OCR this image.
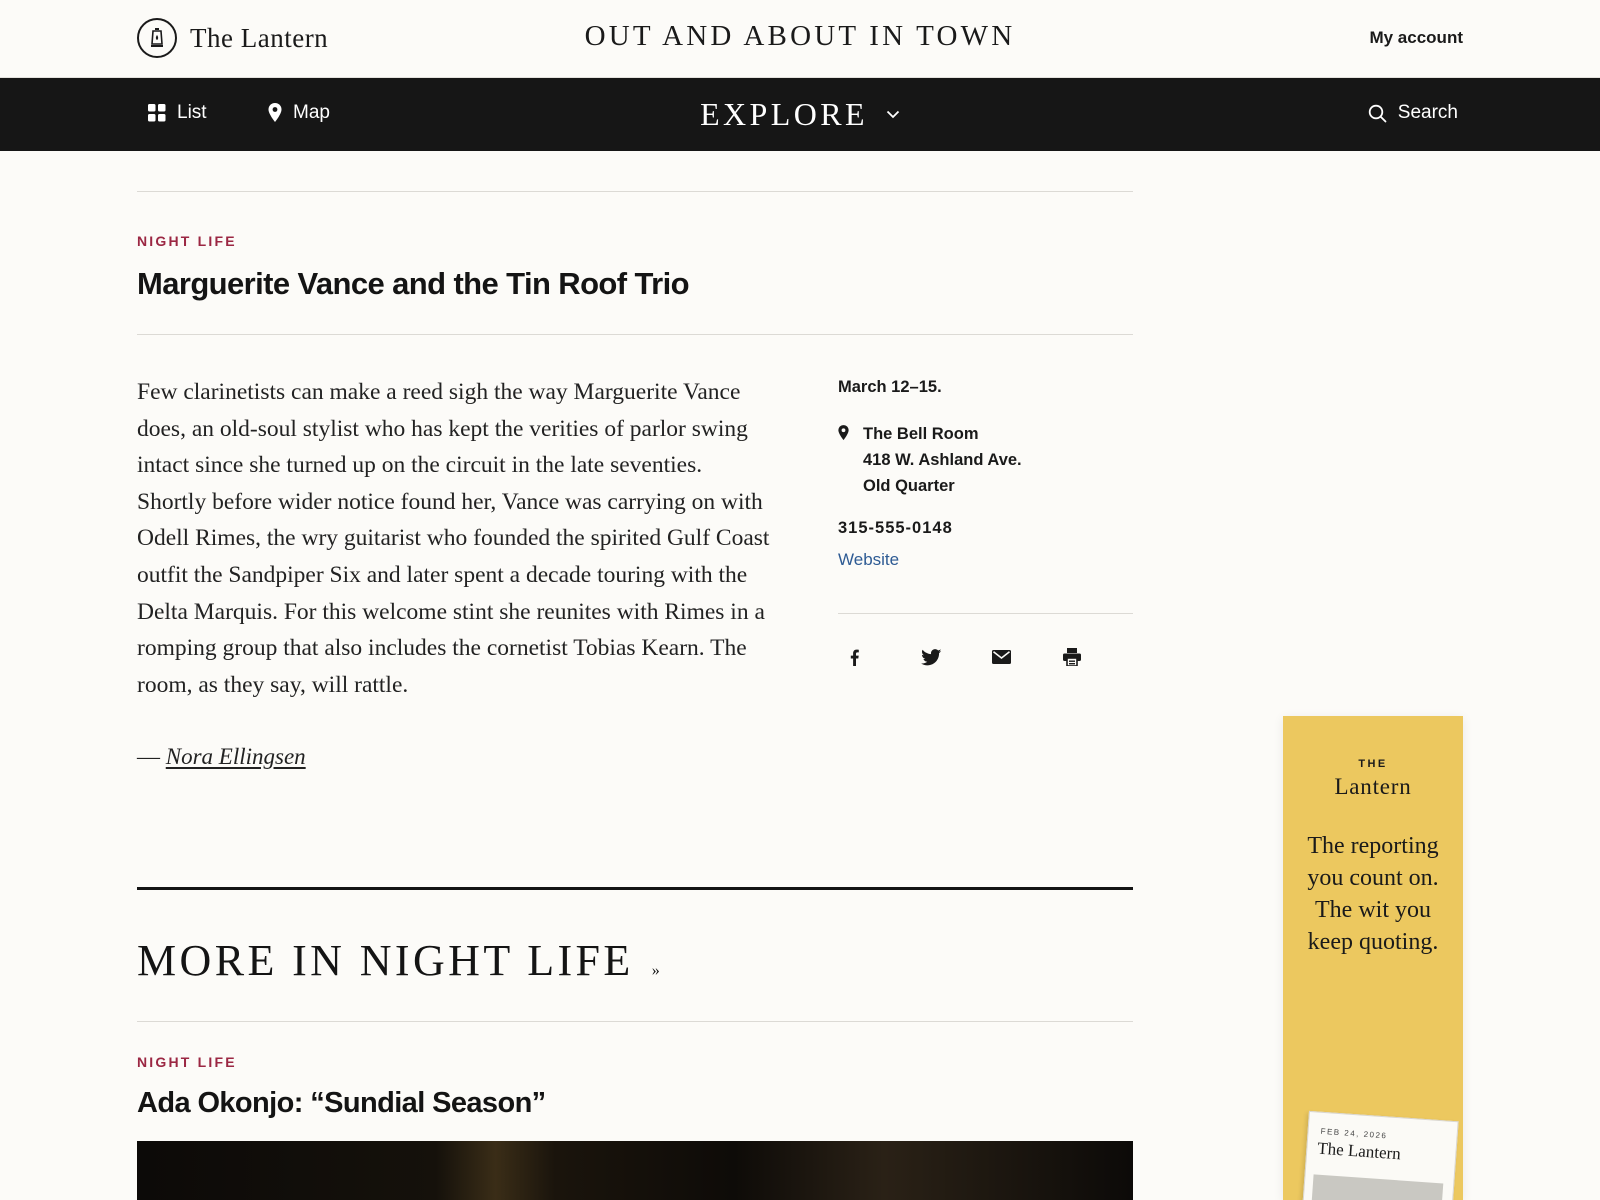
The Lantern	OUT AND ABOUT IN TOWN	My account
List	Map	EXPLORE	Search
NIGHT LIFE
Marguerite Vance and the Tin Roof Trio

Few clarinetists can make a reed sigh the way Marguerite Vance does, an old-soul stylist who has kept the verities of parlor swing intact since she turned up on the circuit in the late seventies. Shortly before wider notice found her, Vance was carrying on with Odell Rimes, the wry guitarist who founded the spirited Gulf Coast outfit the Sandpiper Six and later spent a decade touring with the Delta Marquis. For this welcome stint she reunites with Rimes in a romping group that also includes the cornetist Tobias Kearn. The room, as they say, will rattle.

— Nora Ellingsen
March 12–15.
The Bell Room
418 W. Ashland Ave.
Old Quarter
315-555-0148
Website
MORE IN NIGHT LIFE »
NIGHT LIFE
Ada Okonjo: “Sundial Season”
THE
Lantern
The reporting you count on. The wit you keep quoting.
FEB 24, 2026
The Lantern
